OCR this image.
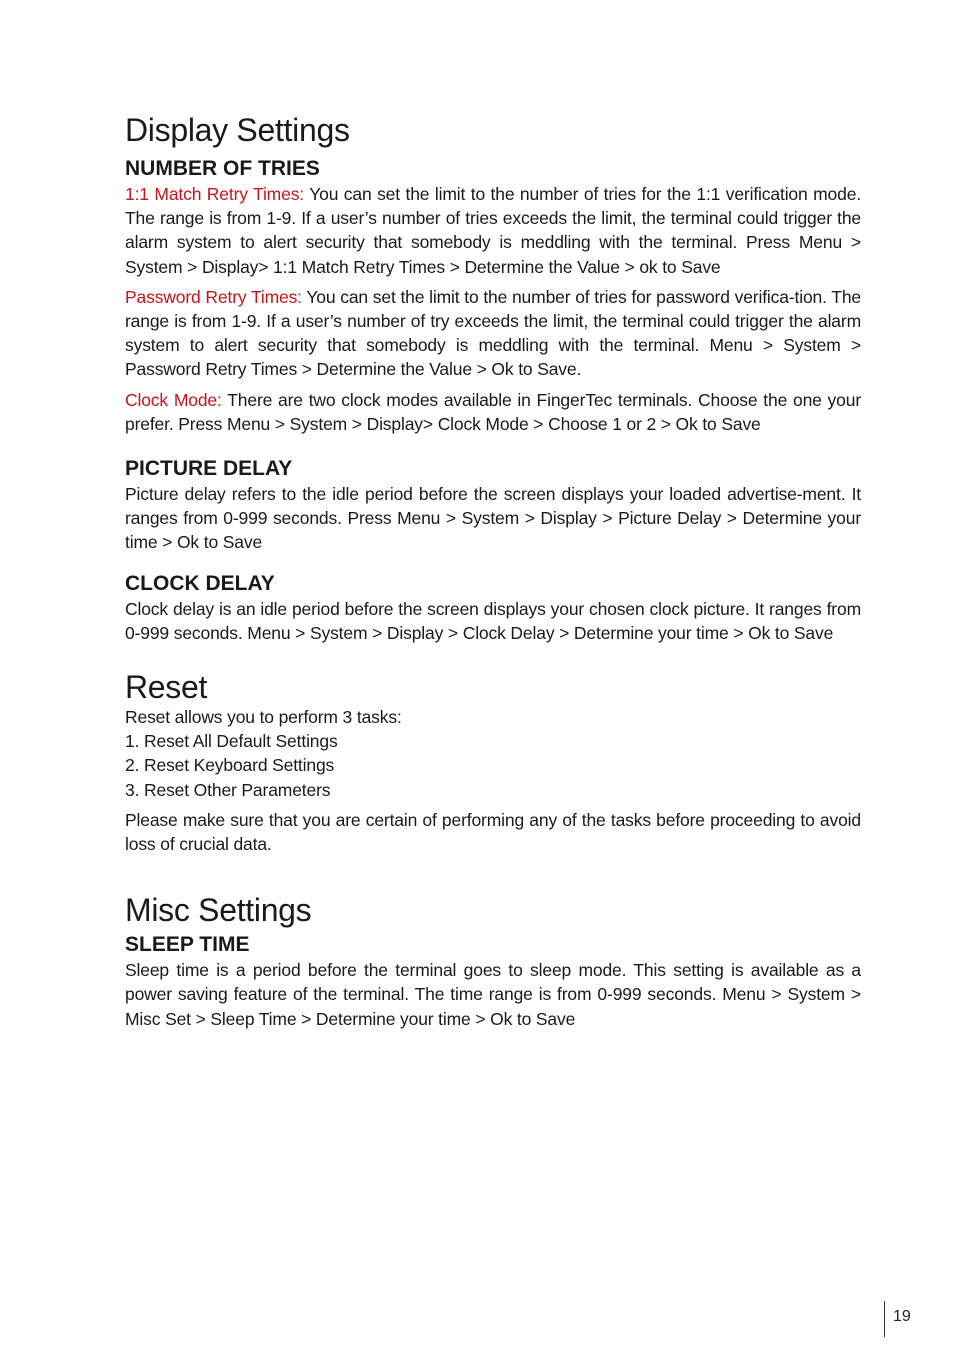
Display Settings
NUMBER OF TRIES

1:1 Match Retry Times: You can set the limit to the number of tries for the 1:1 verification mode. The range is from 1-9. If a user’s number of tries exceeds the limit, the terminal could trigger the alarm system to alert security that somebody is meddling with the terminal. Press Menu > System > Display> 1:1 Match Retry Times > Determine the Value > ok to Save

Password Retry Times: You can set the limit to the number of tries for password verifica-tion. The range is from 1-9. If a user’s number of try exceeds the limit, the terminal could trigger the alarm system to alert security that somebody is meddling with the terminal. Menu > System > Password Retry Times > Determine the Value > Ok to Save.

Clock Mode: There are two clock modes available in FingerTec terminals. Choose the one your prefer. Press Menu > System > Display> Clock Mode > Choose 1 or 2 > Ok to Save

PICTURE DELAY

Picture delay refers to the idle period before the screen displays your loaded advertise-ment. It ranges from 0-999 seconds. Press Menu > System > Display > Picture Delay > Determine your time > Ok to Save

CLOCK DELAY

Clock delay is an idle period before the screen displays your chosen clock picture. It ranges from 0-999 seconds. Menu > System > Display > Clock Delay > Determine your time > Ok to Save

Reset
Reset allows you to perform 3 tasks:
1. Reset All Default Settings
2. Reset Keyboard Settings
3. Reset Other Parameters

Please make sure that you are certain of performing any of the tasks before proceeding to avoid loss of crucial data.

Misc Settings
SLEEP TIME

Sleep time is a period before the terminal goes to sleep mode. This setting is available as a power saving feature of the terminal. The time range is from 0-999 seconds. Menu > System > Misc Set > Sleep Time > Determine your time > Ok to Save

19
